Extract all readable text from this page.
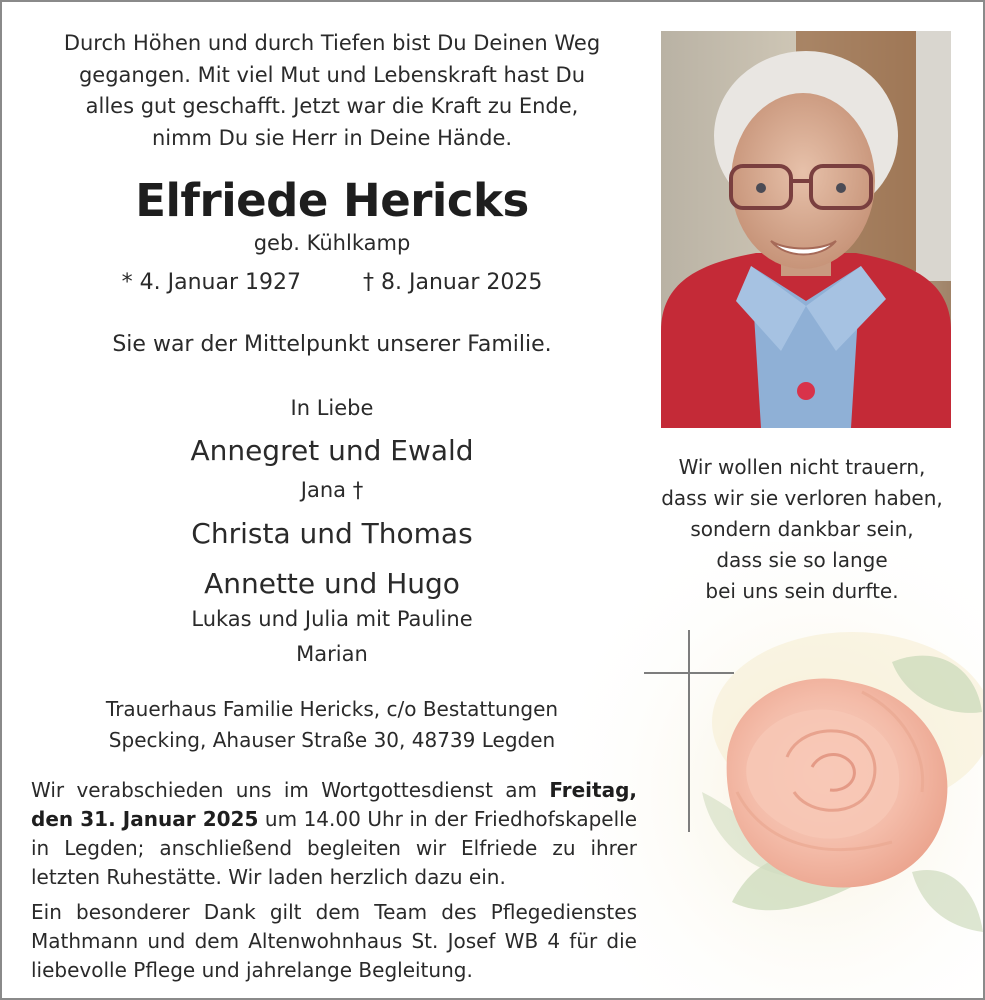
Durch Höhen und durch Tiefen bist Du Deinen Weg
gegangen. Mit viel Mut und Lebenskraft hast Du
alles gut geschafft. Jetzt war die Kraft zu Ende,
nimm Du sie Herr in Deine Hände.
Elfriede Hericks
geb. Kühlkamp
* 4. Januar 1927	† 8. Januar 2025
Sie war der Mittelpunkt unserer Familie.
In Liebe
Annegret und Ewald
Jana †
Christa und Thomas
Annette und Hugo
Lukas und Julia mit Pauline
Marian
Trauerhaus Familie Hericks, c/o Bestattungen
Specking, Ahauser Straße 30, 48739 Legden
Wir verabschieden uns im Wortgottesdienst am Freitag, den 31. Januar 2025 um 14.00 Uhr in der Friedhofskapelle in Legden; anschließend begleiten wir Elfriede zu ihrer letzten Ruhestätte. Wir laden herzlich dazu ein.
Ein besonderer Dank gilt dem Team des Pflegedienstes Mathmann und dem Altenwohnhaus St. Josef WB 4 für die liebevolle Pflege und jahrelange Begleitung.
Wir wollen nicht trauern,
dass wir sie verloren haben,
sondern dankbar sein,
dass sie so lange
bei uns sein durfte.
